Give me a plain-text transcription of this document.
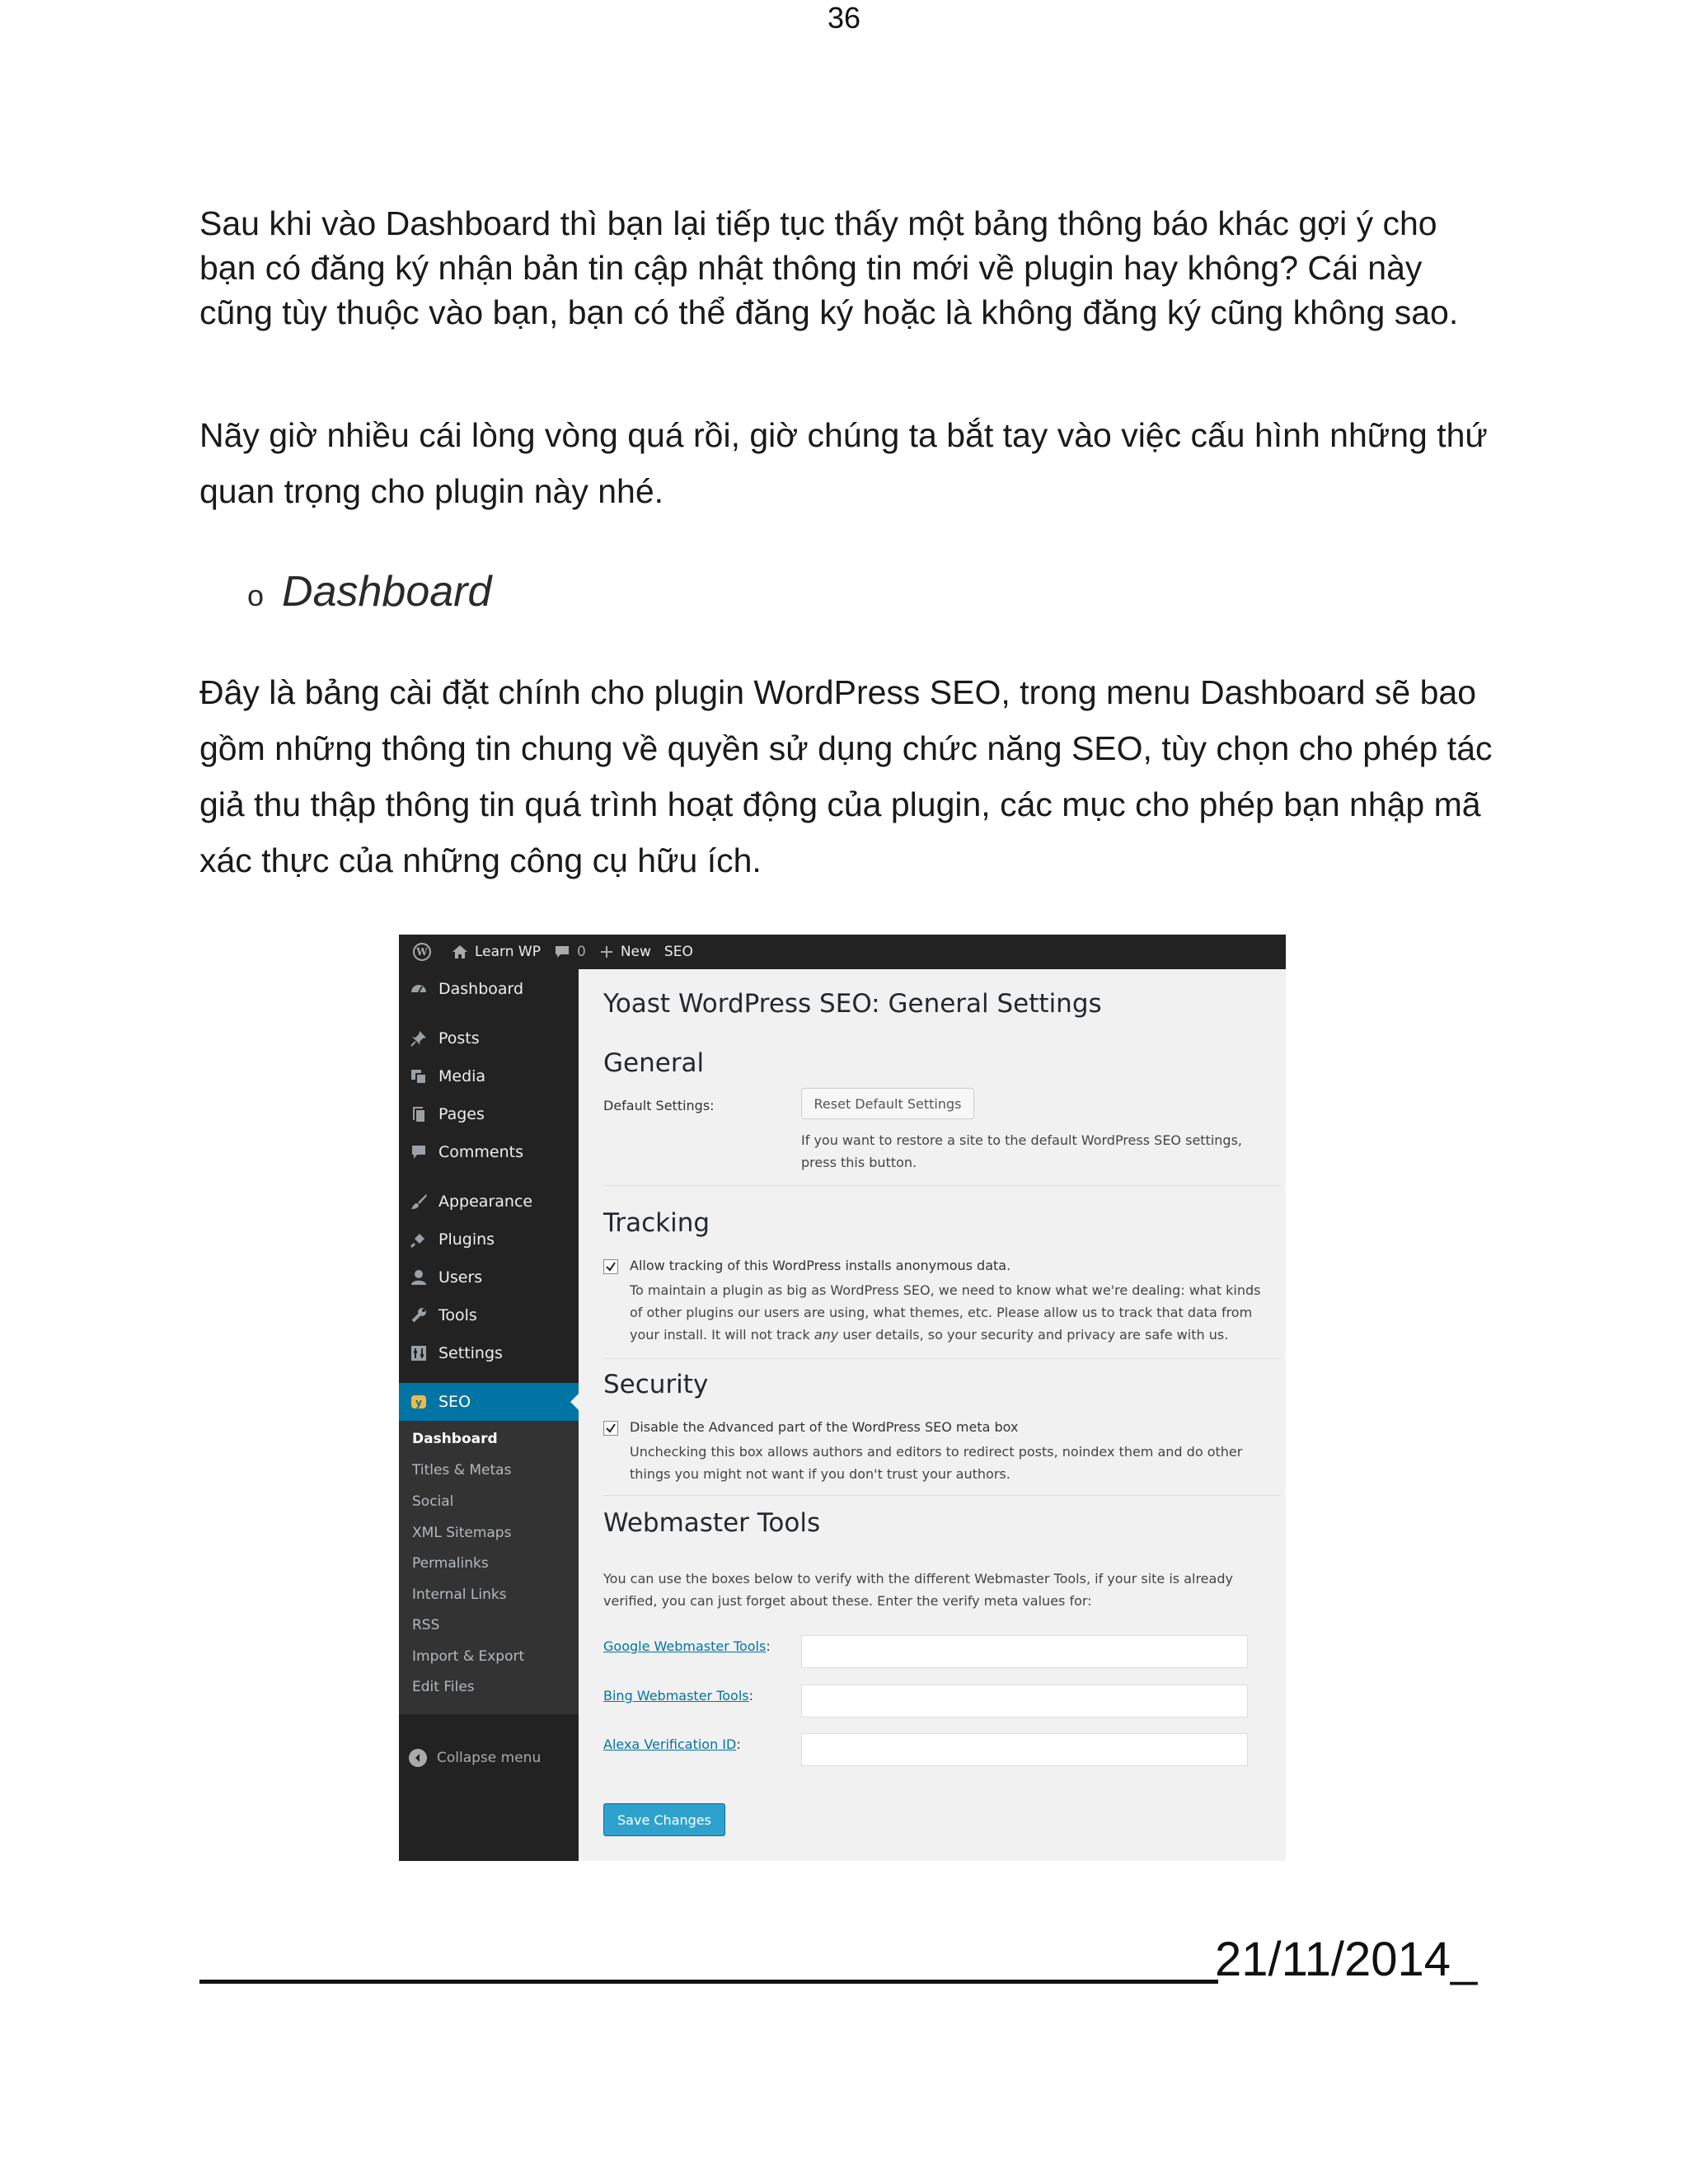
36
Sau khi vào Dashboard thì bạn lại tiếp tục thấy một bảng thông báo khác gợi ý cho bạn có đăng ký nhận bản tin cập nhật thông tin mới về plugin hay không? Cái này cũng tùy thuộc vào bạn, bạn có thể đăng ký hoặc là không đăng ký cũng không sao.
Nãy giờ nhiều cái lòng vòng quá rồi, giờ chúng ta bắt tay vào việc cấu hình những thứ quan trọng cho plugin này nhé.
o Dashboard
Đây là bảng cài đặt chính cho plugin WordPress SEO, trong menu Dashboard sẽ bao gồm những thông tin chung về quyền sử dụng chức năng SEO, tùy chọn cho phép tác giả thu thập thông tin quá trình hoạt động của plugin, các mục cho phép bạn nhập mã xác thực của những công cụ hữu ích.
W	Learn WP	0 New SEO
Dashboard
Posts
Media
Pages
Comments
Appearance
Plugins
Users
Tools
Settings
y SEO
Dashboard
Titles & Metas
Social
XML Sitemaps
Permalinks
Internal Links
RSS
Import & Export
Edit Files
Collapse menu
Yoast WordPress SEO: General Settings
General
Default Settings:	Reset Default Settings
If you want to restore a site to the default WordPress SEO settings,
press this button.
Tracking
Allow tracking of this WordPress installs anonymous data.
To maintain a plugin as big as WordPress SEO, we need to know what we're dealing: what kinds
of other plugins our users are using, what themes, etc. Please allow us to track that data from
your install. It will not track any user details, so your security and privacy are safe with us.
Security
Disable the Advanced part of the WordPress SEO meta box
Unchecking this box allows authors and editors to redirect posts, noindex them and do other
things you might not want if you don't trust your authors.
Webmaster Tools
You can use the boxes below to verify with the different Webmaster Tools, if your site is already
verified, you can just forget about these. Enter the verify meta values for:
Google Webmaster Tools:
Bing Webmaster Tools:
Alexa Verification ID:
Save Changes
21/11/2014_
